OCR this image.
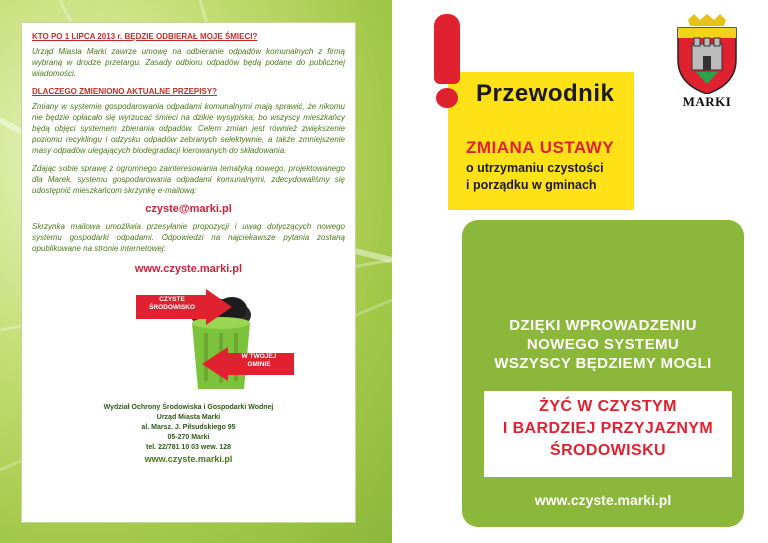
KTO PO 1 LIPCA 2013 r. BĘDZIE ODBIERAŁ MOJE ŚMIECI?
Urząd Miasta Marki zawrze umowę na odbieranie odpadów komunalnych z firmą wybraną w drodze przetargu. Zasady odbioru odpadów będą podane do publicznej wiadomości.
DLACZEGO ZMIENIONO AKTUALNE PRZEPISY?
Zmiany w systemie gospodarowania odpadami komunalnymi mają sprawić, że nikomu nie będzie opłacało się wyrzucać śmieci na dzikie wysypiska, bo wszyscy mieszkańcy będą objęci systemem zbierania odpadów. Celem zmian jest również zwiększenie poziomu recyklingu i odzysku odpadów zebranych selektywnie, a także zmniejszenie masy odpadów ulegających biodegradacji kierowanych do składowania.
Zdając sobie sprawę z ogromnego zainteresowania tematyką nowego, projektowanego dla Marek, systemu gospodarowania odpadami komunalnymi, zdecydowaliśmy się udostępnić mieszkańcom skrzynkę e-mailową:
czyste@marki.pl
Skrzynka mailowa umożliwia przesyłanie propozycji i uwag dotyczących nowego systemu gospodarki odpadami. Odpowiedzi na najciekawsze pytania zostaną opublikowane na stronie internetowej:
www.czyste.marki.pl
CZYSTE
ŚRODOWISKO
W TWOJEJ
GMINIE
Wydział Ochrony Środowiska i Gospodarki Wodnej
Urząd Miasta Marki
al. Marsz. J. Piłsudskiego 95
05-270 Marki
tel. 22/781 10 03 wew. 128
www.czyste.marki.pl
Przewodnik
ZMIANA USTAWY
o utrzymaniu czystości
i porządku w gminach
MARKI
DZIĘKI WPROWADZENIU
NOWEGO SYSTEMU
WSZYSCY BĘDZIEMY MOGLI
ŻYĆ W CZYSTYM
I BARDZIEJ PRZYJAZNYM
ŚRODOWISKU
www.czyste.marki.pl
